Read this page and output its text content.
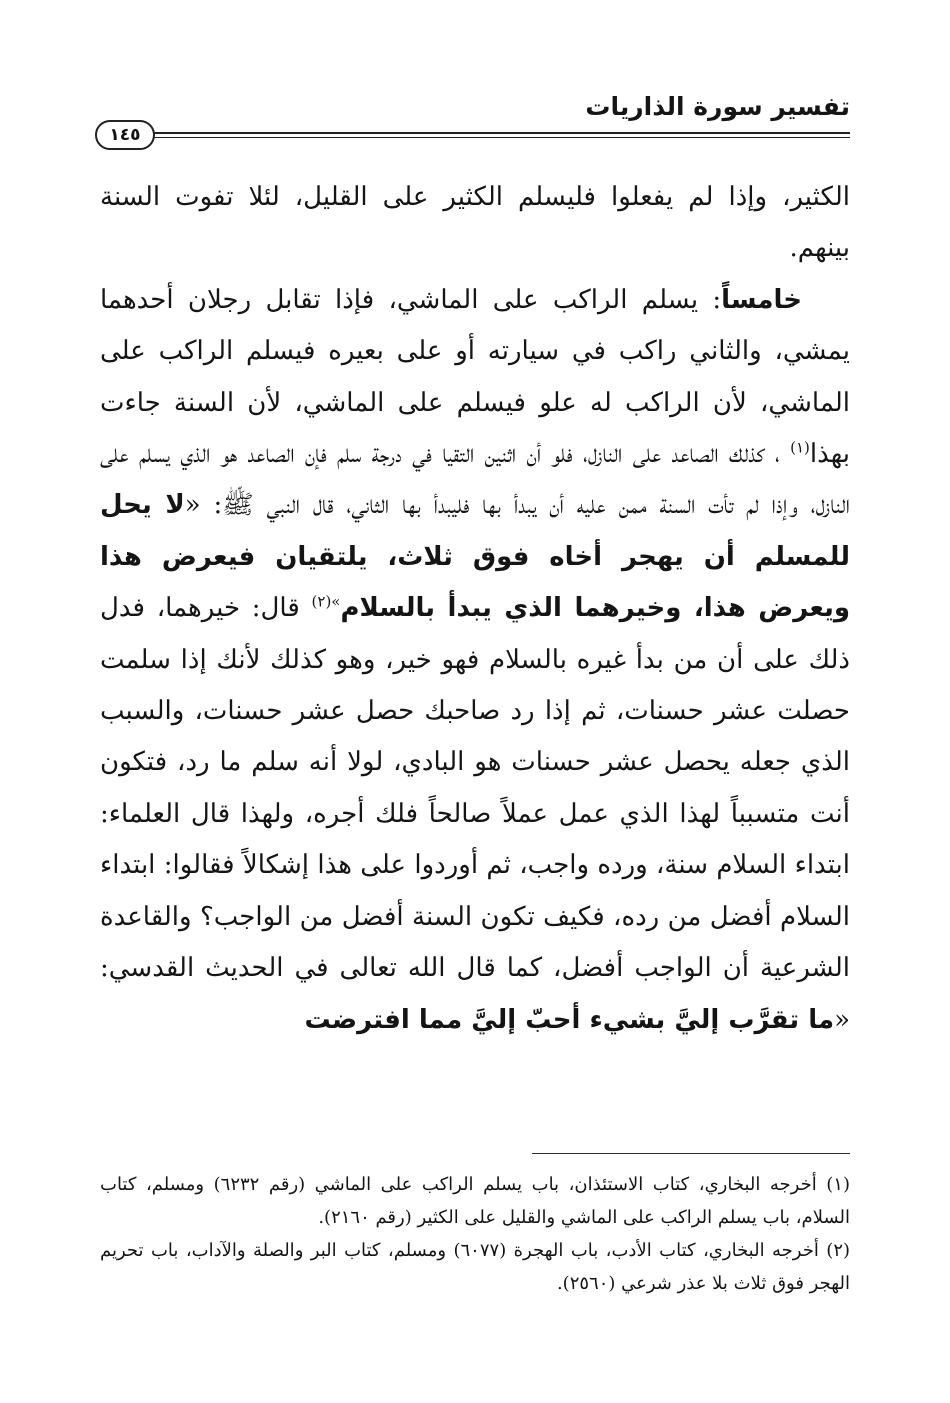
تفسير سورة الذاريات
١٤٥

الكثير، وإذا لم يفعلوا فليسلم الكثير على القليل، لئلا تفوت السنة بينهم.

خامساً: يسلم الراكب على الماشي، فإذا تقابل رجلان أحدهما يمشي، والثاني راكب في سيارته أو على بعيره فيسلم الراكب على الماشي، لأن الراكب له علو فيسلم على الماشي، لأن السنة جاءت بهذا$^{(١)}$ ، كذلك الصاعد على النازل، فلو أن اثنين التقيا في درجة سلم فإن الصاعد هو الذي يسلم على النازل، وإذا لم تأت السنة ممن عليه أن يبدأ بها فليبدأ بها الثاني، قال النبي ﷺ: «لا يحل للمسلم أن يهجر أخاه فوق ثلاث، يلتقيان فيعرض هذا ويعرض هذا، وخيرهما الذي يبدأ بالسلام$^{»(٢)}$ قال: خيرهما، فدل ذلك على أن من بدأ غيره بالسلام فهو خير، وهو كذلك لأنك إذا سلمت حصلت عشر حسنات، ثم إذا رد صاحبك حصل عشر حسنات، والسبب الذي جعله يحصل عشر حسنات هو البادي، لولا أنه سلم ما رد، فتكون أنت متسبباً لهذا الذي عمل عملاً صالحاً فلك أجره، ولهذا قال العلماء: ابتداء السلام سنة، ورده واجب، ثم أوردوا على هذا إشكالاً فقالوا: ابتداء السلام أفضل من رده، فكيف تكون السنة أفضل من الواجب؟ والقاعدة الشرعية أن الواجب أفضل، كما قال الله تعالى في الحديث القدسي: «ما تقرَّب إليَّ بشيء أحبّ إليَّ مما افترضت

(١) أخرجه البخاري، كتاب الاستئذان، باب يسلم الراكب على الماشي (رقم ٦٢٣٢) ومسلم، كتاب السلام، باب يسلم الراكب على الماشي والقليل على الكثير (رقم ٢١٦٠).

(٢) أخرجه البخاري، كتاب الأدب، باب الهجرة (٦٠٧٧) ومسلم، كتاب البر والصلة والآداب، باب تحريم الهجر فوق ثلاث بلا عذر شرعي (٢٥٦٠).
